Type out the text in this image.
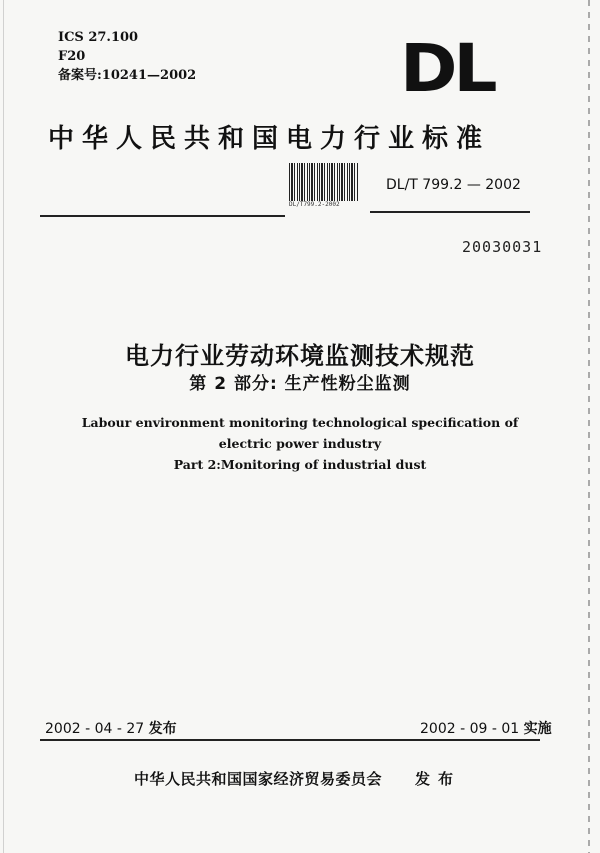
ICS 27.100
F20
备案号:10241—2002	DL
中华人民共和国电力行业标准
DL/T799.2-2002
DL/T 799.2 — 2002
20030031
电力行业劳动环境监测技术规范
第 2 部分: 生产性粉尘监测
Labour environment monitoring technological specification of
electric power industry
Part 2:Monitoring of industrial dust
2002 - 04 - 27 发布	2002 - 09 - 01 实施
中华人民共和国国家经济贸易委员会 发布
